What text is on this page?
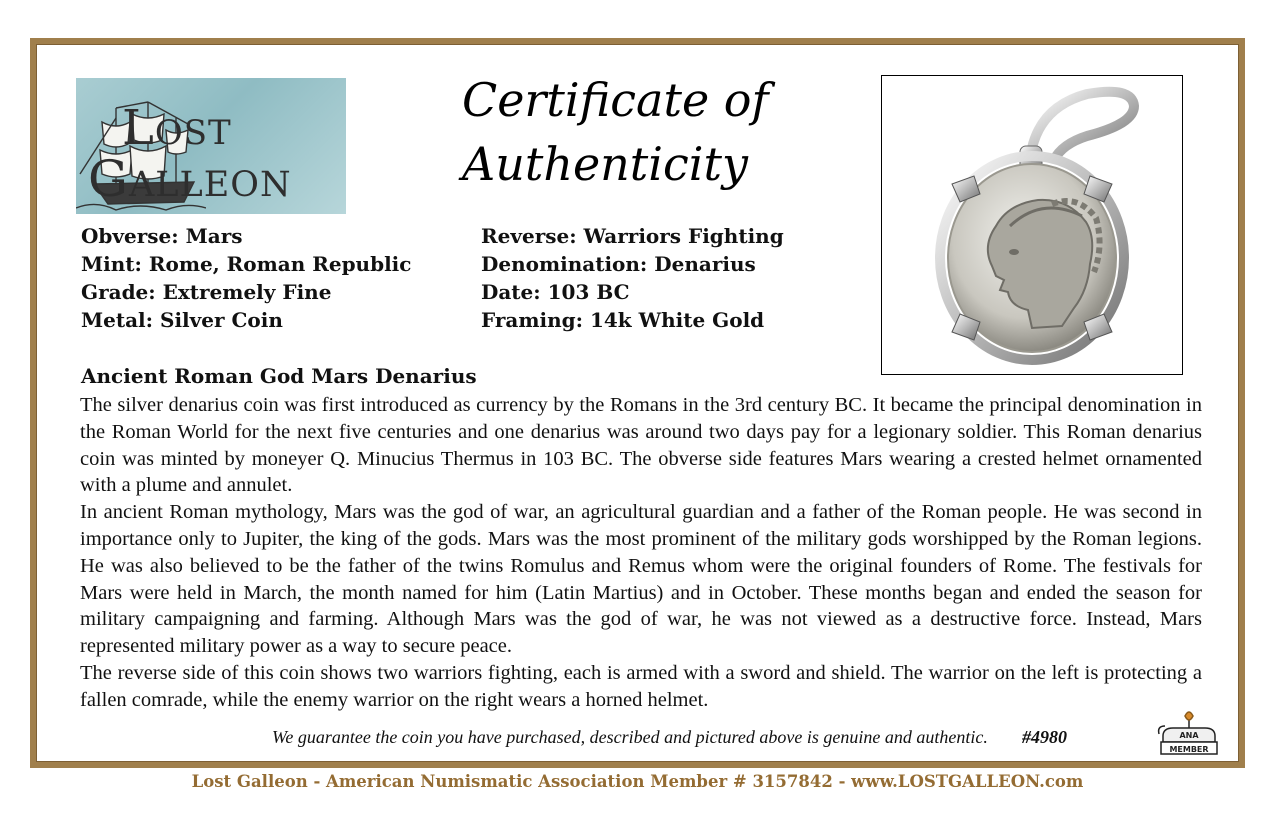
Lost
Galleon
Certificate of
Authenticity
Obverse: Mars
Mint: Rome, Roman Republic
Grade: Extremely Fine
Metal: Silver Coin
Reverse: Warriors Fighting
Denomination: Denarius
Date: 103 BC
Framing: 14k White Gold
Ancient Roman God Mars Denarius

The silver denarius coin was first introduced as currency by the Romans in the 3rd century BC. It became the principal denomination in the Roman World for the next five centuries and one denarius was around two days pay for a legionary soldier. This Roman denarius coin was minted by moneyer Q. Minucius Thermus in 103 BC. The obverse side features Mars wearing a crested helmet ornamented with a plume and annulet.

In ancient Roman mythology, Mars was the god of war, an agricultural guardian and a father of the Roman people. He was second in importance only to Jupiter, the king of the gods. Mars was the most prominent of the military gods worshipped by the Roman legions. He was also believed to be the father of the twins Romulus and Remus whom were the original founders of Rome. The festivals for Mars were held in March, the month named for him (Latin Martius) and in October. These months began and ended the season for military campaigning and farming. Although Mars was the god of war, he was not viewed as a destructive force. Instead, Mars represented military power as a way to secure peace.

The reverse side of this coin shows two warriors fighting, each is armed with a sword and shield. The warrior on the left is protecting a fallen comrade, while the enemy warrior on the right wears a horned helmet.

We guarantee the coin you have purchased, described and pictured above is genuine and authentic. #4980	ANA
MEMBER
Lost Galleon - American Numismatic Association Member # 3157842 - www.LOSTGALLEON.com
